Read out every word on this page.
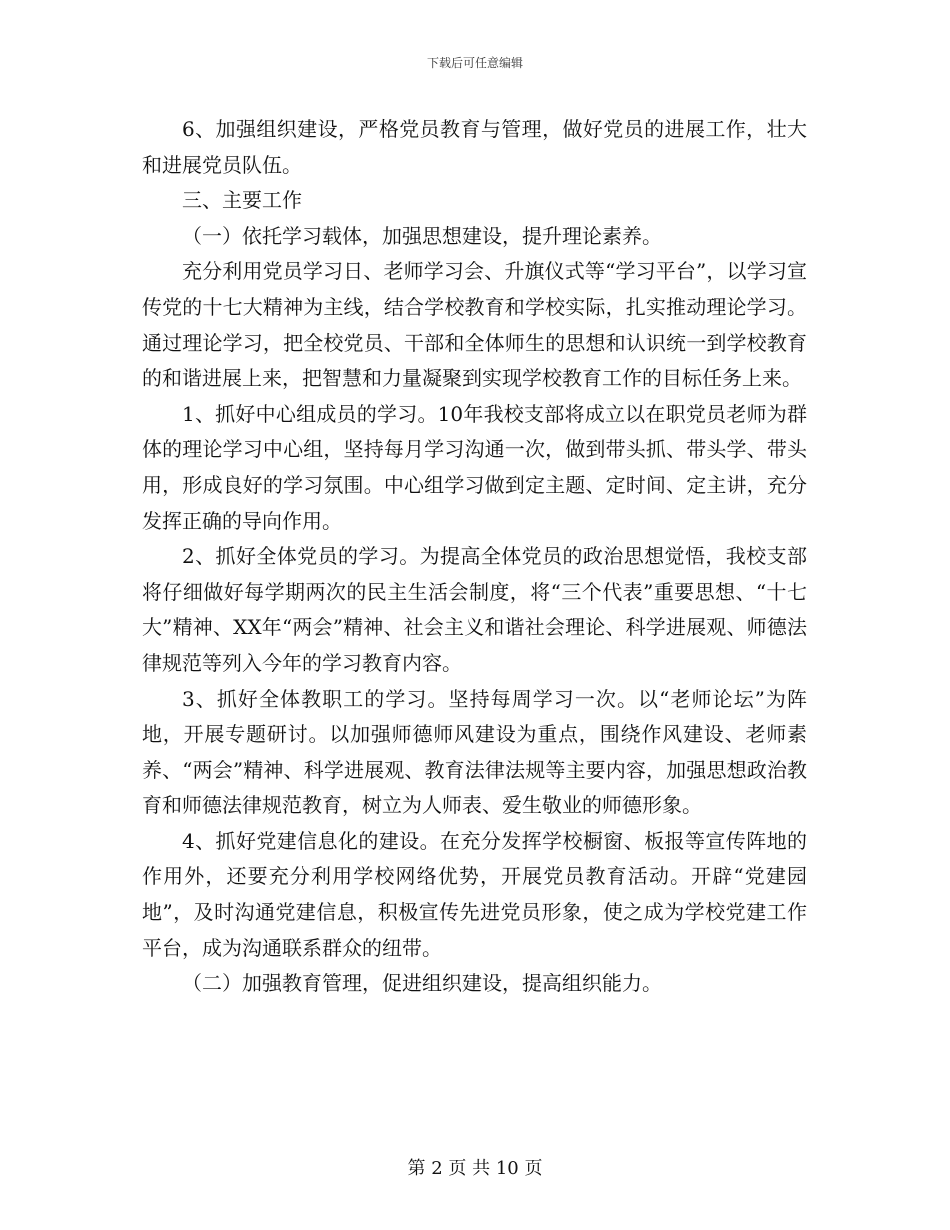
下载后可任意编辑

6、加强组织建设，严格党员教育与管理，做好党员的进展工作，壮大和进展党员队伍。

三、主要工作

（一）依托学习载体，加强思想建设，提升理论素养。

充分利用党员学习日、老师学习会、升旗仪式等“学习平台”，以学习宣传党的十七大精神为主线，结合学校教育和学校实际，扎实推动理论学习。通过理论学习，把全校党员、干部和全体师生的思想和认识统一到学校教育的和谐进展上来，把智慧和力量凝聚到实现学校教育工作的目标任务上来。

1、抓好中心组成员的学习。10年我校支部将成立以在职党员老师为群体的理论学习中心组，坚持每月学习沟通一次，做到带头抓、带头学、带头用，形成良好的学习氛围。中心组学习做到定主题、定时间、定主讲，充分发挥正确的导向作用。

2、抓好全体党员的学习。为提高全体党员的政治思想觉悟，我校支部将仔细做好每学期两次的民主生活会制度，将“三个代表”重要思想、“十七大”精神、XX年“两会”精神、社会主义和谐社会理论、科学进展观、师德法律规范等列入今年的学习教育内容。

3、抓好全体教职工的学习。坚持每周学习一次。以“老师论坛”为阵地，开展专题研讨。以加强师德师风建设为重点，围绕作风建设、老师素养、“两会”精神、科学进展观、教育法律法规等主要内容，加强思想政治教育和师德法律规范教育，树立为人师表、爱生敬业的师德形象。

4、抓好党建信息化的建设。在充分发挥学校橱窗、板报等宣传阵地的作用外，还要充分利用学校网络优势，开展党员教育活动。开辟“党建园地”，及时沟通党建信息，积极宣传先进党员形象，使之成为学校党建工作平台，成为沟通联系群众的纽带。

（二）加强教育管理，促进组织建设，提高组织能力。

第 2 页 共 10 页
